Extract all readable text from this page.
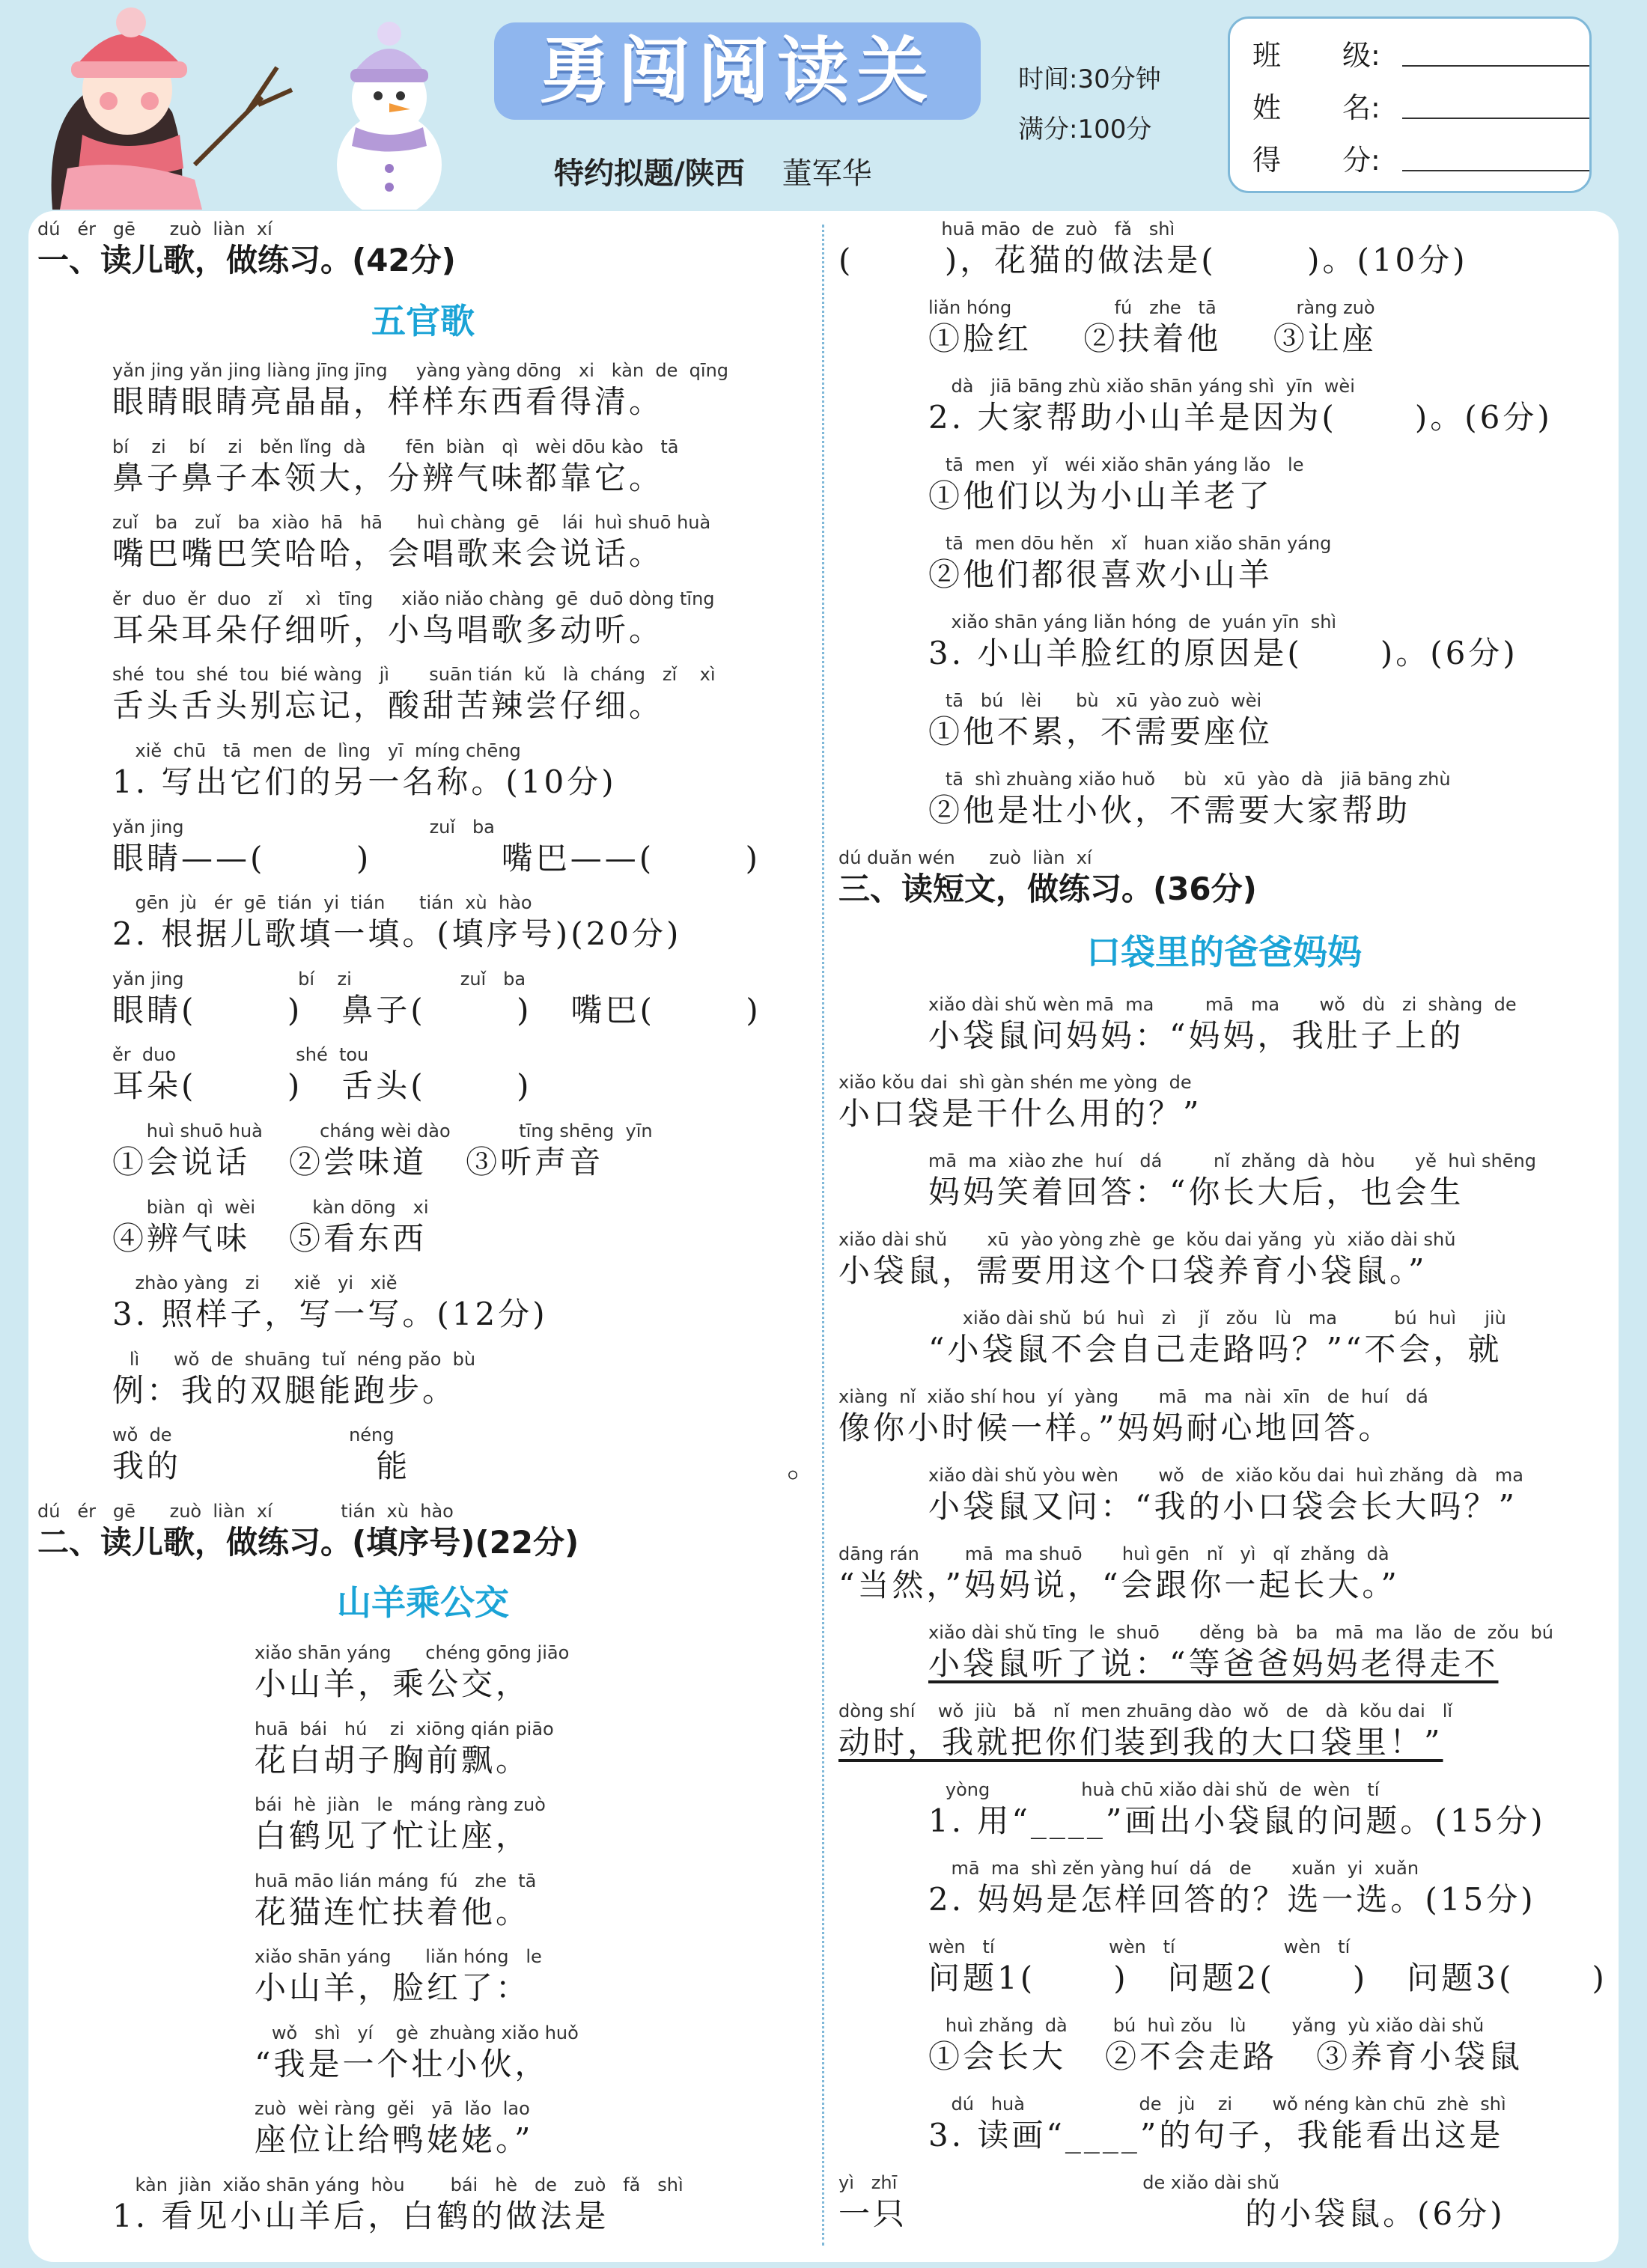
勇闯阅读关	时间:30分钟
满分:100分
特约拟题/陕西 董军华
班 级:
姓 名:
得 分:
dú   ér   gē      zuò  liàn  xí
一、读儿歌，做练习。(42分)
五官歌
yǎn jing yǎn jing liàng jīng jīng     yàng yàng dōng   xi   kàn  de  qīng
眼睛眼睛亮晶晶，样样东西看得清。
bí    zi    bí    zi   běn lǐng  dà       fēn  biàn   qì   wèi dōu kào   tā
鼻子鼻子本领大，分辨气味都靠它。
zuǐ   ba   zuǐ   ba  xiào  hā   hā      huì chàng  gē    lái  huì shuō huà
嘴巴嘴巴笑哈哈，会唱歌来会说话。
ěr  duo  ěr  duo   zǐ    xì   tīng     xiǎo niǎo chàng  gē  duō dòng tīng
耳朵耳朵仔细听，小鸟唱歌多动听。
shé  tou  shé  tou  bié wàng   jì       suān tián  kǔ   là  cháng   zǐ    xì
舌头舌头别忘记，酸甜苦辣尝仔细。
xiě  chū   tā  men  de  lìng   yī  míng chēng
1. 写出它们的另一名称。(10分)
yǎn jing                                           zuǐ   ba
眼睛——(       )          嘴巴——(       )
gēn  jù   ér  gē  tián  yi  tián      tián  xù  hào
2. 根据儿歌填一填。(填序号)(20分)
yǎn jing                    bí    zi                   zuǐ   ba
眼睛(       )   鼻子(       )   嘴巴(       )
ěr  duo                     shé  tou
耳朵(       )   舌头(       )
huì shuō huà          cháng wèi dào            tīng shēng  yīn
①会说话   ②尝味道   ③听声音
biàn  qì  wèi          kàn dōng   xi
④辨气味   ⑤看东西
zhào yàng   zi      xiě   yi   xiě
3. 照样子，写一写。(12分)
lì      wǒ  de  shuāng  tuǐ  néng pǎo  bù
例：我的双腿能跑步。
wǒ  de                               néng
我的               能                             。
dú   ér   gē      zuò  liàn  xí            tián  xù  hào
二、读儿歌，做练习。(填序号)(22分)
山羊乘公交
xiǎo shān yáng      chéng gōng jiāo
小山羊，乘公交，
huā  bái   hú    zi  xiōng qián piāo
花白胡子胸前飘。
bái  hè  jiàn   le   máng ràng zuò
白鹤见了忙让座，
huā māo lián máng  fú   zhe  tā
花猫连忙扶着他。
xiǎo shān yáng      liǎn hóng   le
小山羊，脸红了：
wǒ   shì   yí    gè  zhuàng xiǎo huǒ
“我是一个壮小伙，
zuò  wèi ràng  gěi   yā  lǎo  lao
座位让给鸭姥姥。”
kàn  jiàn  xiǎo shān yáng  hòu        bái   hè   de   zuò   fǎ   shì
1. 看见小山羊后，白鹤的做法是
huā māo  de  zuò   fǎ   shì
(       )，花猫的做法是(       )。(10分)
liǎn hóng                  fú   zhe   tā              ràng zuò
①脸红    ②扶着他    ③让座
dà   jiā bāng zhù xiǎo shān yáng shì  yīn  wèi
2. 大家帮助小山羊是因为(      )。(6分)
tā  men   yǐ   wéi xiǎo shān yáng lǎo   le
①他们以为小山羊老了
tā  men dōu hěn   xǐ   huan xiǎo shān yáng
②他们都很喜欢小山羊
xiǎo shān yáng liǎn hóng  de  yuán yīn  shì
3. 小山羊脸红的原因是(      )。(6分)
tā   bú   lèi      bù   xū  yào zuò  wèi
①他不累，不需要座位
tā  shì zhuàng xiǎo huǒ     bù   xū  yào  dà   jiā bāng zhù
②他是壮小伙，不需要大家帮助
dú duǎn wén      zuò  liàn  xí
三、读短文，做练习。(36分)
口袋里的爸爸妈妈
xiǎo dài shǔ wèn mā  ma         mā   ma       wǒ   dù   zi  shàng  de
小袋鼠问妈妈：“妈妈，我肚子上的
xiǎo kǒu dai  shì gàn shén me yòng  de
小口袋是干什么用的？”
mā  ma  xiào zhe  huí   dá         nǐ  zhǎng  dà  hòu       yě  huì shēng
妈妈笑着回答：“你长大后，也会生
xiǎo dài shǔ       xū  yào yòng zhè  ge  kǒu dai yǎng  yù  xiǎo dài shǔ
小袋鼠，需要用这个口袋养育小袋鼠。”
xiǎo dài shǔ  bú  huì   zì    jǐ   zǒu   lù   ma          bú  huì     jiù
“小袋鼠不会自己走路吗？”“不会，就
xiàng  nǐ  xiǎo shí hou  yí  yàng       mā   ma  nài  xīn   de  huí   dá
像你小时候一样。”妈妈耐心地回答。
xiǎo dài shǔ yòu wèn       wǒ   de  xiǎo kǒu dai  huì zhǎng  dà   ma
小袋鼠又问：“我的小口袋会长大吗？”
dāng rán        mā  ma shuō       huì gēn   nǐ   yì   qǐ  zhǎng  dà
“当然，”妈妈说，“会跟你一起长大。”
xiǎo dài shǔ tīng  le  shuō       děng  bà   ba   mā  ma  lǎo  de  zǒu  bú
小袋鼠听了说：“等爸爸妈妈老得走不
dòng shí    wǒ  jiù   bǎ   nǐ  men zhuāng dào  wǒ   de   dà  kǒu dai   lǐ
动时，我就把你们装到我的大口袋里！”
yòng                huà chū xiǎo dài shǔ  de  wèn   tí
1. 用“____”画出小袋鼠的问题。(15分)
mā  ma  shì zěn yàng huí  dá   de       xuǎn  yi  xuǎn
2. 妈妈是怎样回答的？选一选。(15分)
wèn   tí                    wèn   tí                   wèn   tí
问题1(      )   问题2(      )   问题3(      )
huì zhǎng  dà        bú  huì zǒu   lù        yǎng  yù xiǎo dài shǔ
①会长大   ②不会走路   ③养育小袋鼠
dú   huà                    de   jù    zi       wǒ néng kàn chū  zhè  shì
3. 读画“____”的句子，我能看出这是
yì   zhī                                           de xiǎo dài shǔ
一只                          的小袋鼠。(6分)
